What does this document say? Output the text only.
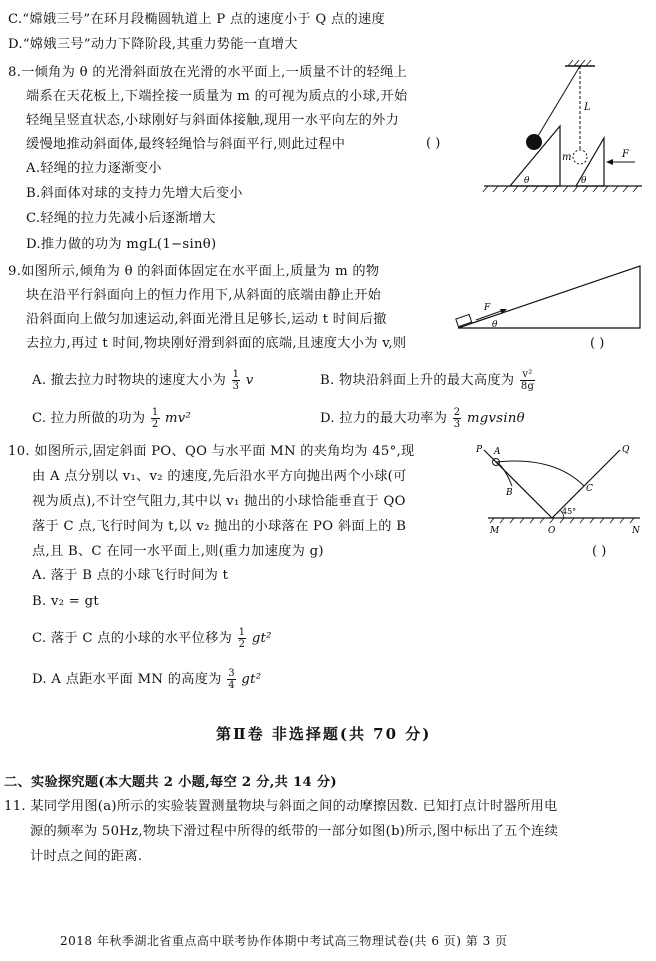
C.“嫦娥三号”在环月段椭圆轨道上 P 点的速度小于 Q 点的速度
D.“嫦娥三号”动力下降阶段,其重力势能一直增大
8.一倾角为 θ 的光滑斜面放在光滑的水平面上,一质量不计的轻绳上
端系在天花板上,下端拴接一质量为 m 的可视为质点的小球,开始
轻绳呈竖直状态,小球刚好与斜面体接触,现用一水平向左的外力
缓慢地推动斜面体,最终轻绳恰与斜面平行,则此过程中	( )
A.轻绳的拉力逐渐变小
B.斜面体对球的支持力先增大后变小
C.轻绳的拉力先减小后逐渐增大
D.推力做的功为 mgL(1−sinθ)
L
m	F
θ	θ
9.如图所示,倾角为 θ 的斜面体固定在水平面上,质量为 m 的物
块在沿平行斜面向上的恒力作用下,从斜面的底端由静止开始
沿斜面向上做匀加速运动,斜面光滑且足够长,运动 t 时间后撤
去拉力,再过 t 时间,物块刚好滑到斜面的底端,且速度大小为 v,则	( )
F
θ
A. 撤去拉力时物块的速度大小为 $\frac{1}{3}$ v	B. 物块沿斜面上升的最大高度为 $\frac{\text{v²}}{8g}$
C. 拉力所做的功为 $\frac{1}{2} mv^2$	D. 拉力的最大功率为 $\frac{2}{3}$ mgvsinθ
10. 如图所示,固定斜面 PO、QO 与水平面 MN 的夹角均为 45°,现
由 A 点分别以 v₁、v₂ 的速度,先后沿水平方向抛出两个小球(可
视为质点),不计空气阻力,其中以 v₁ 抛出的小球恰能垂直于 QO
落于 C 点,飞行时间为 t,以 v₂ 抛出的小球落在 PO 斜面上的 B
点,且 B、C 在同一水平面上,则(重力加速度为 g)	( )
P A
B	C
Q
O
M	N
45°
A. 落于 B 点的小球飞行时间为 t
B. v₂ = gt
C. 落于 C 点的小球的水平位移为 $\frac{1}{2} gt^2$
D. A 点距水平面 MN 的高度为 $\frac{3}{4} gt^2$
第Ⅱ卷 非选择题(共 70 分)
二、实验探究题(本大题共 2 小题,每空 2 分,共 14 分)
11. 某同学用图(a)所示的实验装置测量物块与斜面之间的动摩擦因数. 已知打点计时器所用电
源的频率为 50Hz,物块下滑过程中所得的纸带的一部分如图(b)所示,图中标出了五个连续
计时点之间的距离.
2018 年秋季湖北省重点高中联考协作体期中考试高三物理试卷(共 6 页) 第 3 页
